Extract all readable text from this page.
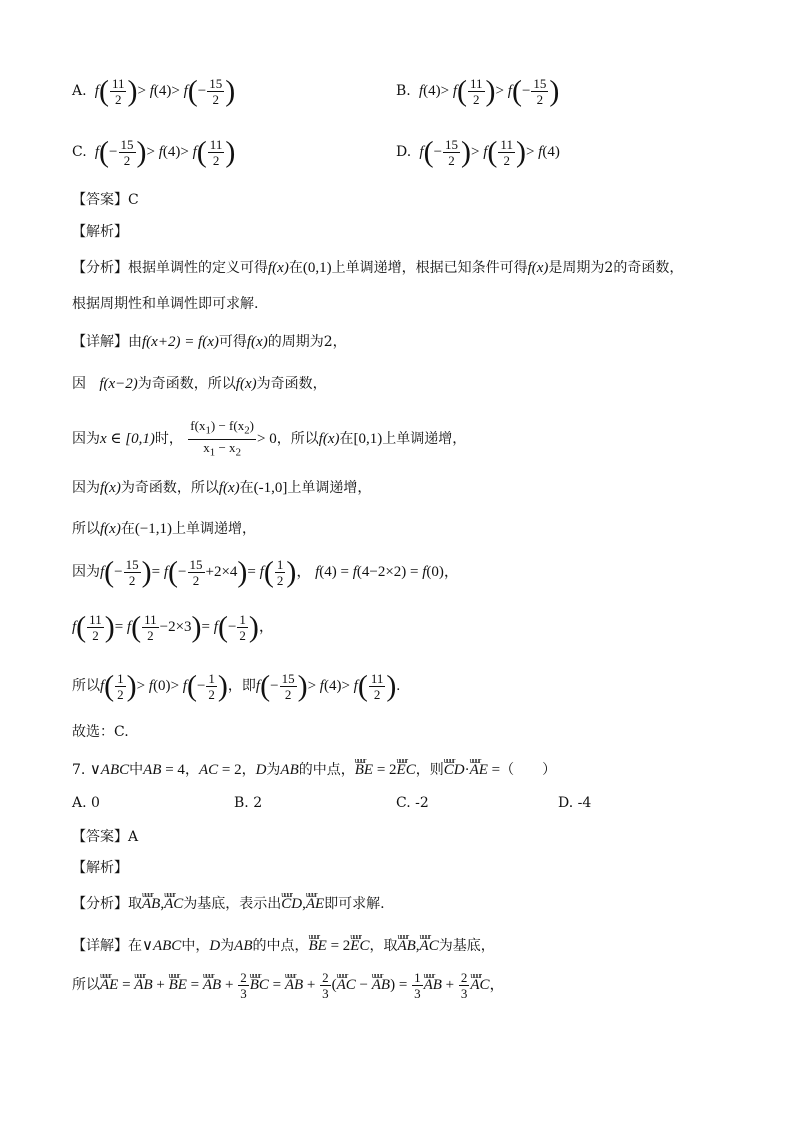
A.  $f( \frac{11}{2}$ )> $f(4)> f(- \frac{15}{2}$ )	B.  $f(4)> f( \frac{11}{2}$ )> $f(- \frac{15}{2}$ )
C.  $f(- \frac{15}{2}$ )> $f(4)> f( \frac{11}{2}$ )	D.  $f(- \frac{15}{2}$ )> $f( \frac{11}{2}$ )> f(4)
【答案】C
【解析】
【分析】根据单调性的定义可得f(x)在(0,1)上单调递增，根据已知条件可得f(x)是周期为2的奇函数，
根据周期性和单调性即可求解.
【详解】由f(x+2) = f(x)可得f(x)的周期为2，
因 f(x−2)为奇函数，所以f(x)为奇函数，
因为x ∈ [0,1)时， $\frac{f(x_1) - f(x_2)}{x_1 - x_2} > 0$，所以f(x)在[0,1)上单调递增，
因为f(x)为奇函数，所以f(x)在(-1,0]上单调递增，
所以f(x)在(−1,1)上单调递增，
因为$f(- \frac{15}{2}$ )= $f(- \frac{15}{2} +2\times 4)= f( \frac{1}{2}$ )， f(4) = f(4−2×2) = f(0)，
$f( \frac{11}{2}$ )= $f( \frac{11}{2} -2\times 3)= f(- \frac{1}{2}$ )，
所以$f( \frac{1}{2}$ )> $f(0)> f(- \frac{1}{2}$ )，即$f(- \frac{15}{2}$ )> $f(4)> f( \frac{11}{2}$ ).
故选：C.
7. ∨ABC中AB = 4，AC = 2，D为AB的中点，uuur BE = 2uuur EC，则uuur CD·uuur AE =（　　）
A. 0	B. 2	C. -2	D. -4
【答案】A
【解析】
【分析】取uuur AB,uuur AC为基底，表示出uuur CD,uuur AE即可求解.
【详解】在∨ABC中，D为AB的中点，uuur BE = 2uuur EC，取uuur AB,uuur AC为基底，
所以uuur AE = uuur AB + uuur BE = uuur AB + $\frac{2}{3}$ uuur BC = uuur AB + $\frac{2}{3}$ (uuur AC − uuur $AB) = \frac{1}{3}$ uuur AB + $\frac{2}{3}$ uuur AC，
